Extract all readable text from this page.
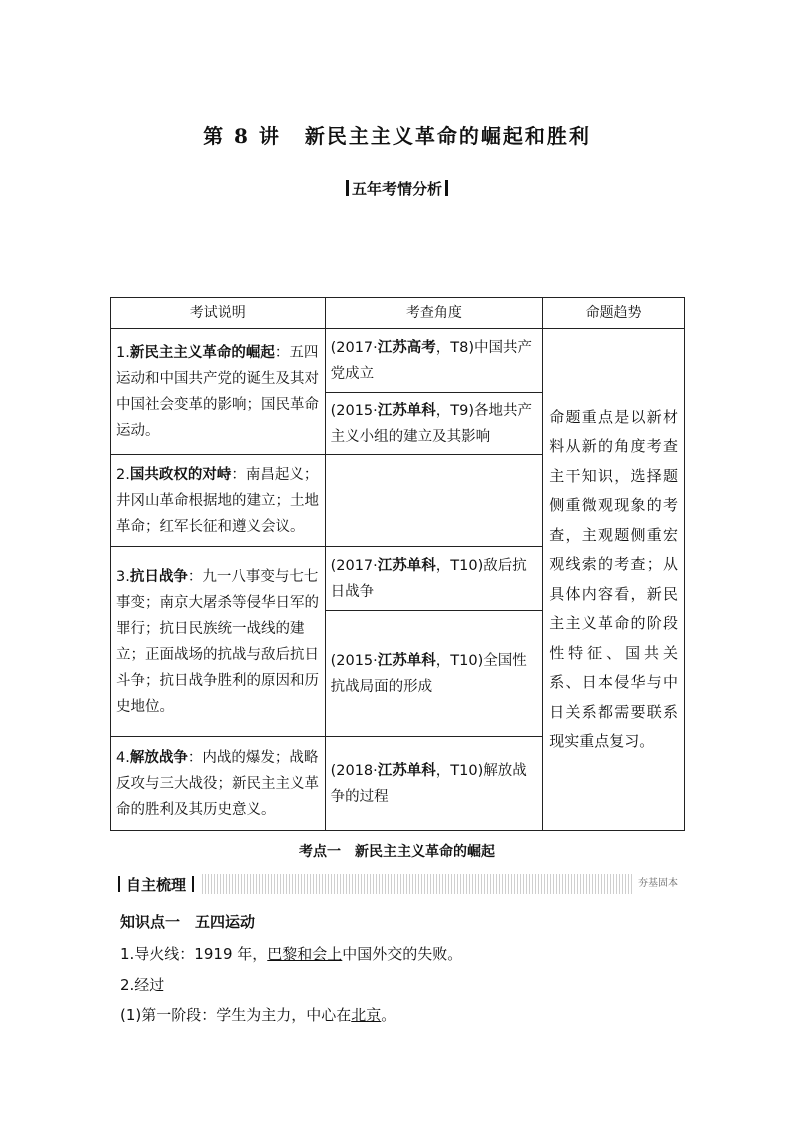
第 8 讲 新民主主义革命的崛起和胜利
五年考情分析
考试说明	考查角度	命题趋势
1.新民主主义革命的崛起：五四运动和中国共产党的诞生及其对中国社会变革的影响；国民革命运动。	(2017·江苏高考，T8)中国共产党成立	命题重点是以新材料从新的角度考查主干知识，选择题侧重微观现象的考查，主观题侧重宏观线索的考查；从具体内容看，新民主主义革命的阶段性特征、国共关系、日本侵华与中日关系都需要联系现实重点复习。
	(2015·江苏单科，T9)各地共产主义小组的建立及其影响	
2.国共政权的对峙：南昌起义；井冈山革命根据地的建立；土地革命；红军长征和遵义会议。		
3.抗日战争：九一八事变与七七事变；南京大屠杀等侵华日军的罪行；抗日民族统一战线的建立；正面战场的抗战与敌后抗日斗争；抗日战争胜利的原因和历史地位。	(2017·江苏单科，T10)敌后抗日战争	
	(2015·江苏单科，T10)全国性抗战局面的形成	
4.解放战争：内战的爆发；战略反攻与三大战役；新民主主义革命的胜利及其历史意义。	(2018·江苏单科，T10)解放战争的过程	
考点一　新民主主义革命的崛起
自主梳理	夯基固本
知识点一　五四运动
1.导火线：1919 年，巴黎和会上中国外交的失败。
2.经过
(1)第一阶段：学生为主力，中心在北京。
